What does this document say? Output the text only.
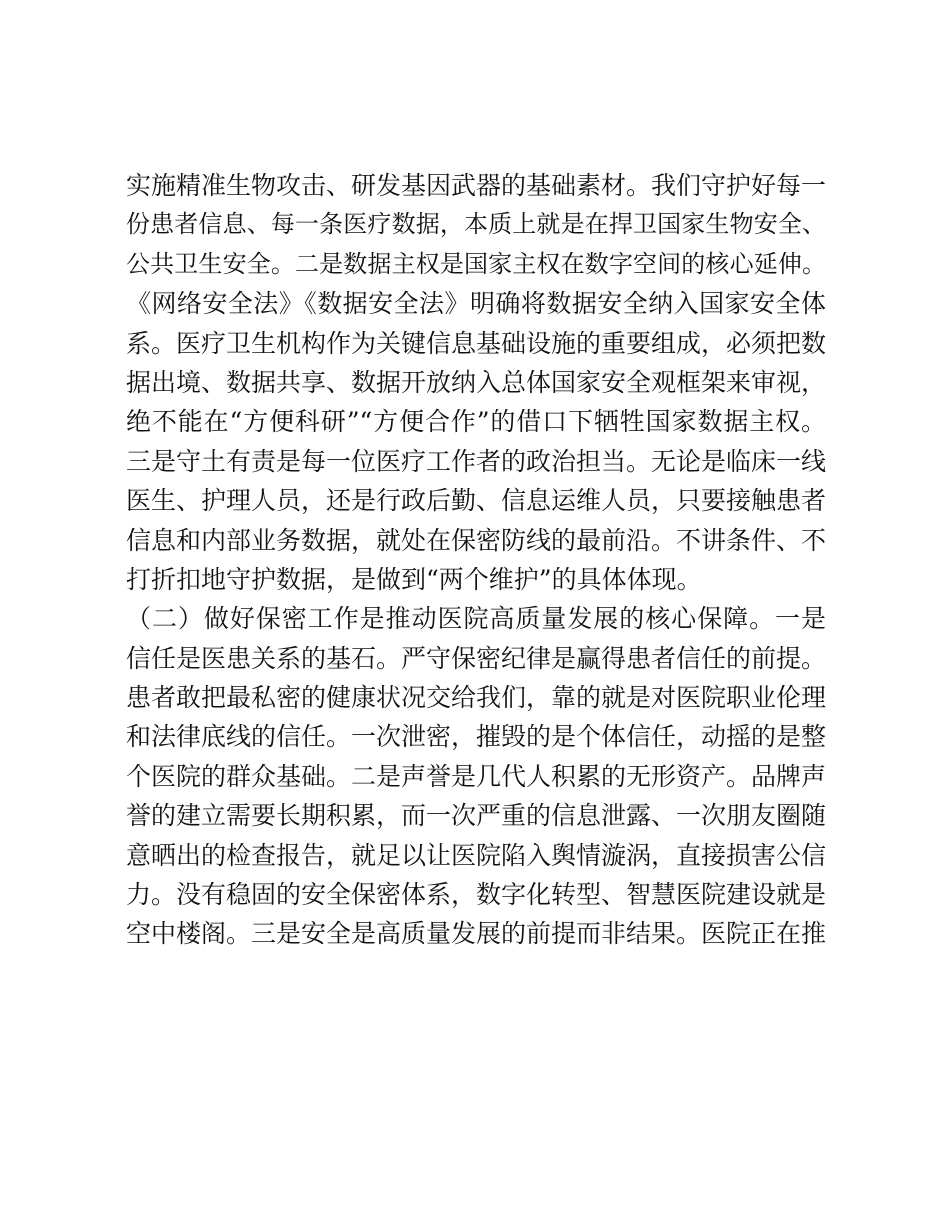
实施精准生物攻击、研发基因武器的基础素材。我们守护好每一
份患者信息、每一条医疗数据，本质上就是在捍卫国家生物安全、
公共卫生安全。二是数据主权是国家主权在数字空间的核心延伸。
《网络安全法》《数据安全法》明确将数据安全纳入国家安全体
系。医疗卫生机构作为关键信息基础设施的重要组成，必须把数
据出境、数据共享、数据开放纳入总体国家安全观框架来审视，
绝不能在“方便科研”“方便合作”的借口下牺牲国家数据主权。
三是守土有责是每一位医疗工作者的政治担当。无论是临床一线
医生、护理人员，还是行政后勤、信息运维人员，只要接触患者
信息和内部业务数据，就处在保密防线的最前沿。不讲条件、不
打折扣地守护数据，是做到“两个维护”的具体体现。
（二）做好保密工作是推动医院高质量发展的核心保障。一是
信任是医患关系的基石。严守保密纪律是赢得患者信任的前提。
患者敢把最私密的健康状况交给我们，靠的就是对医院职业伦理
和法律底线的信任。一次泄密，摧毁的是个体信任，动摇的是整
个医院的群众基础。二是声誉是几代人积累的无形资产。品牌声
誉的建立需要长期积累，而一次严重的信息泄露、一次朋友圈随
意晒出的检查报告，就足以让医院陷入舆情漩涡，直接损害公信
力。没有稳固的安全保密体系，数字化转型、智慧医院建设就是
空中楼阁。三是安全是高质量发展的前提而非结果。医院正在推
